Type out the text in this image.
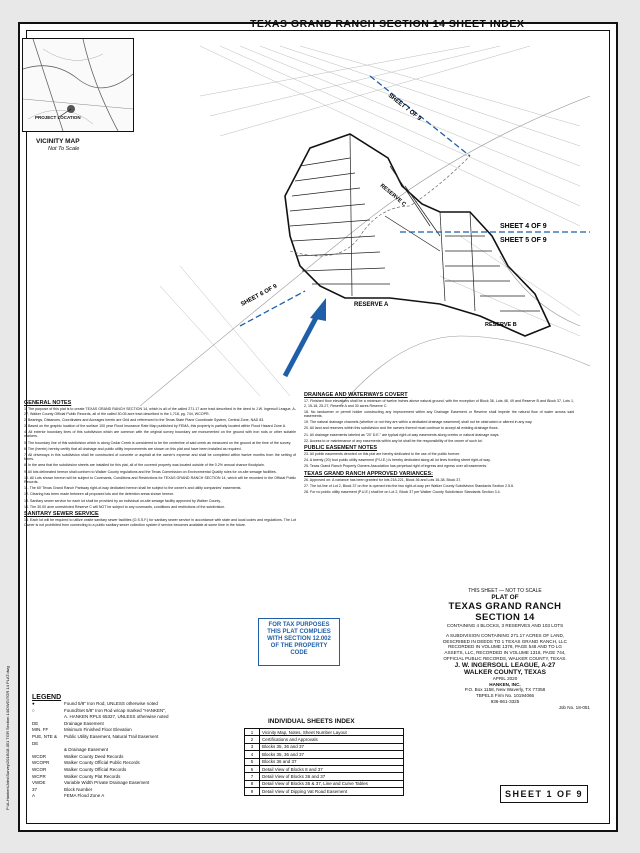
TEXAS GRAND RANCH SECTION 14 SHEET INDEX
PROJECT LOCATION
VICINITY MAP
Not To Scale
SHEET 4 OF 9
SHEET 5 OF 9
SHEET 6 OF 9
SHEET 7 OF 9
RESERVE A
RESERVE B
RESERVE C
GENERAL NOTES
1. The purpose of this plat is to create TEXAS GRAND RANCH SECTION 14, which is all of the called 271.17 acre tract described in the deed to J.W. Ingersoll League, A-27, Walker County Official Public Records, all of the called 30.05 acre tract described in the 1,718, pg. 744, WCOPR.
2. Bearings, Distances, Coordinates and Acreages herein are Grid and referenced to the Texas State Plane Coordinate System, Central Zone, NAD 83.
3. Based on the graphic location of the surface 100 year Flood Insurance Rate Map published by FEMA, this property is partially located within Flood Hazard Zone A.
4. All exterior boundary lines of this subdivision which are common with the original survey boundary are monumented on the ground with iron rods or other suitable markers.
5. The boundary line of this subdivision which is along Cedar Creek is considered to be the centerline of said creek as measured on the ground at the time of the survey.
6. The (herein) hereby certify that all drainage and public utility improvements are shown on this plat and have been installed as required.
7. All driveways in this subdivision shall be constructed of concrete or asphalt at the owner's expense and shall be completed within twelve months from the setting of forms.
8. In the area that the subdivision streets are installed for this plat, all of the covered property was located outside of the 0.2% annual chance floodplain.
9. All lots delineated hereon shall conform to Walker County regulations and the Texas Commission on Environmental Quality rules for on-site sewage facilities.
10. All Lots shown hereon will be subject to Covenants, Conditions and Restrictions for TEXAS GRAND RANCH SECTION 14, which will be recorded in the Official Public Records.
11. The 60' Texas Grand Ranch Parkway right-of-way dedicated hereon shall be subject to the owner's and utility companies' easements.
12. Clearing has been made between all proposed lots and the detention areas shown hereon.
13. Sanitary sewer service for each lot shall be provided by an individual on-site sewage facility approved by Walker County.
14. The 30.00 acre unrestricted Reserve C will NOT be subject to any covenants, conditions and restrictions of the subdivision.
SANITARY SEWER SERVICE
15. Each lot will be required to utilize onsite sanitary sewer facilities (O.S.S.F.) for sanitary sewer service in accordance with state and local codes and regulations. The Lot Owner is not prohibited from connecting to a public sanitary sewer collection system if service becomes available at some time in the future.
DRAINAGE AND WATERWAYS COVERT
17. Finished floor elevations shall be a minimum of twelve inches above natural ground, with the exception of Block 36, Lots 48, 49 and Reserve B and Block 37, Lots 1, 2, 15-18, 25-27, Reserve A and 30 acres Reserve C.
18. No landowner or permit holder constructing any improvement within any Drainage Easement or Reserve shall impede the natural flow of water across said easements.
19. The natural drainage channels (whether or not they are within a dedicated drainage easement) shall not be obstructed or altered in any way.
20. All land and reserves within this subdivision and the owners thereof must continue to accept all existing drainage flows.
21. All drainage easements labeled as "20' D.E." are typical right-of-way easements along creeks or natural drainage ways.
22. Access to or maintenance of any easements within any lot shall be the responsibility of the owner of such lot.
PUBLIC EASEMENT NOTES
23. All public easements denoted on this plat are hereby dedicated to the use of the public forever.
24. A twenty (20) foot public utility easement (P.U.E.) is hereby dedicated along all lot lines fronting street right-of-way.
25. Texas Grand Ranch Property Owners Association has perpetual right of ingress and egress over all easements.
TEXAS GRAND RANCH APPROVED VARIANCES:
26. Approved on: A variance has been granted for lots 218-221, Block 36 and Lots 16-38, Block 37.
27. The lot-line of Lot 2, Block 37 on five is opened into the two right-of-way per Walker County Subdivision Standards Section 2.5.6.
28. For no public utility easement (P.U.E.) shall be on Lot 2, Block 37 per Walker County Subdivision Standards Section 3.4.
FOR TAX PURPOSES
THIS PLAT COMPLIES
WITH SECTION 12.002
OF THE PROPERTY
CODE
THIS SHEET — NOT TO SCALE
PLAT OF
TEXAS GRAND RANCH
SECTION 14
CONTAINING 4 BLOCKS, 3 RESERVES AND 103 LOTS
A SUBDIVISION CONTAINING 271.17 ACRES OF LAND,
DESCRIBED IN DEEDS TO 1 TEXAS GRAND RANCH, LLC
RECORDED IN VOLUME 1378, PAGE 548 AND TO LG
ASSETS, LLC, RECORDED IN VOLUME 1318, PAGE 744,
OFFICIAL PUBLIC RECORDS, WALKER COUNTY, TEXAS.
J. W. INGERSOLL LEAGUE, A-27
WALKER COUNTY, TEXAS
APRIL 2020
HANKEN, INC.
P.O. Box 1158, New Waverly, TX 77358
TBPELS Firm No. 10194066
936-661-3325
Job No. 18-051
LEGEND
●	Found 5/8" Iron Rod, UNLESS otherwise noted
○	Found/Set 5/8" Iron Rod w/cap marked "HANKEN",
A. HANKEN RPLS 65327, UNLESS otherwise noted
DE	Drainage Easement
MIN. FF	Minimum Finished Floor Elevation
PUE, NTE & DE
Public Utility Easement, Natural Trail Easement
& Drainage Easement
WCDR	Walker County Deed Records
WCOPR	Walker County Official Public Records
WCOR	Walker County Official Records
WCPR	Walker County Plat Records
VWDE	Variable Width Private Drainage Easement
37	Block Number
A	FEMA Flood Zone A
INDIVIDUAL SHEETS INDEX
1	Vicinity Map, Notes, Sheet Number Layout
2	Certifications and Approvals
3	Blocks 35, 36 and 37
4	Blocks 35, 36 and 37
5	Blocks 36 and 37
6	Detail View of Blocks 8 and 37
7	Detail View of Blocks 36 and 37
8	Detail View of Blocks 35 & 37, Line and Curve Tables
9	Detail View of Dipping Vat Road Easement	SHEET 1 OF 9
P:\A-Hanken\Jobs\Survey\2018\18-051 TGR Section 14\DWG\TGR 14 PLAT.dwg
